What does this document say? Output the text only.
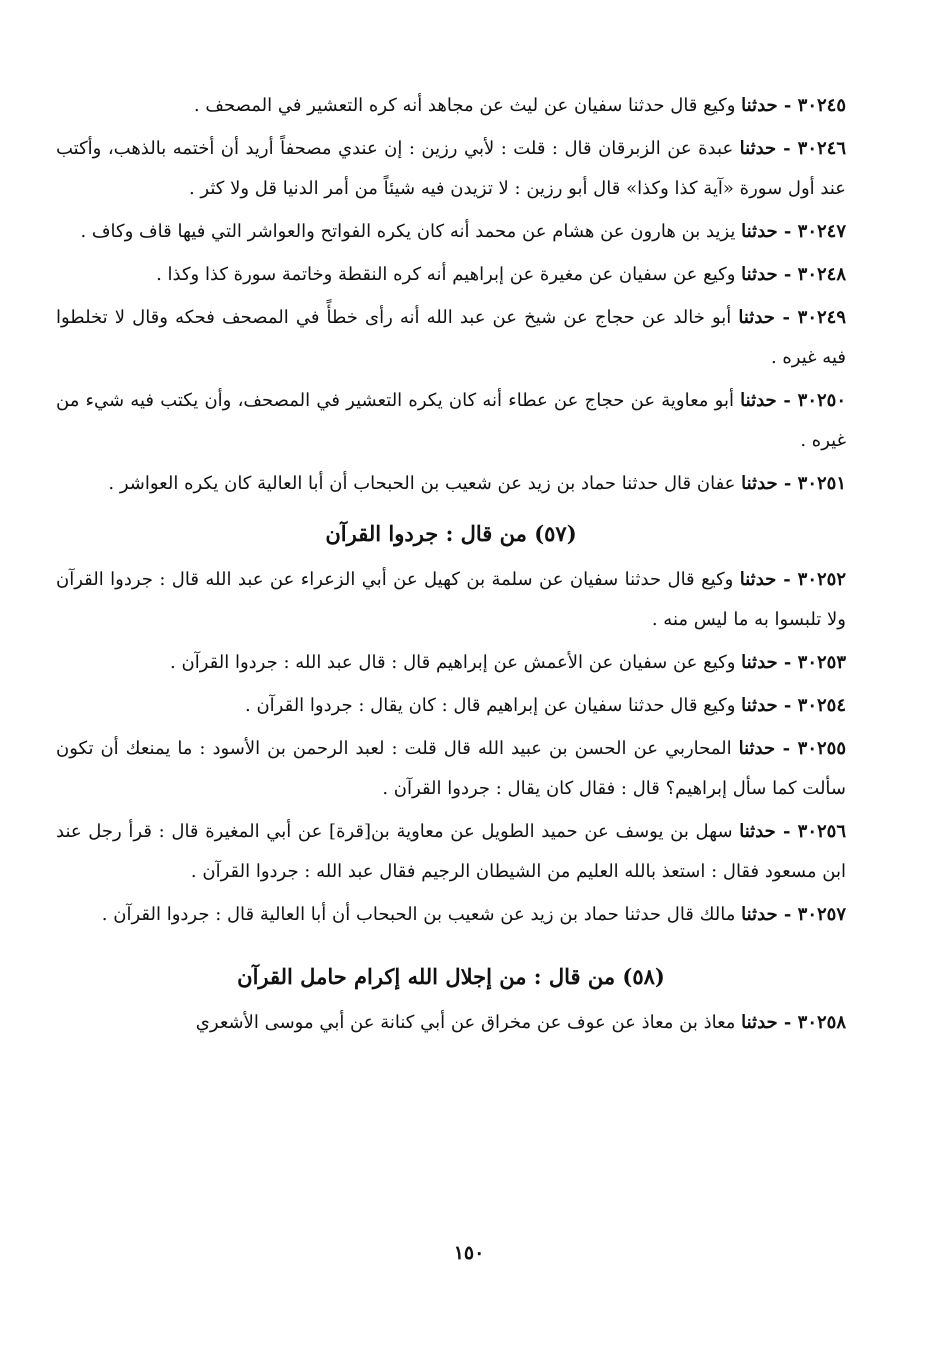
٣٠٢٤٥ - حدثنا وكيع قال حدثنا سفيان عن ليث عن مجاهد أنه كره التعشير في المصحف .

٣٠٢٤٦ - حدثنا عبدة عن الزبرقان قال : قلت : لأبي رزين : إن عندي مصحفاً أريد أن أختمه بالذهب، وأكتب عند أول سورة «آية كذا وكذا» قال أبو رزين : لا تزيدن فيه شيئاً من أمر الدنيا قل ولا كثر .

٣٠٢٤٧ - حدثنا يزيد بن هارون عن هشام عن محمد أنه كان يكره الفواتح والعواشر التي فيها قاف وكاف .

٣٠٢٤٨ - حدثنا وكيع عن سفيان عن مغيرة عن إبراهيم أنه كره النقطة وخاتمة سورة كذا وكذا .

٣٠٢٤٩ - حدثنا أبو خالد عن حجاج عن شيخ عن عبد الله أنه رأى خطأً في المصحف فحكه وقال لا تخلطوا فيه غيره .

٣٠٢٥٠ - حدثنا أبو معاوية عن حجاج عن عطاء أنه كان يكره التعشير في المصحف، وأن يكتب فيه شيء من غيره .

٣٠٢٥١ - حدثنا عفان قال حدثنا حماد بن زيد عن شعيب بن الحبحاب أن أبا العالية كان يكره العواشر .

(٥٧) من قال : جردوا القرآن

٣٠٢٥٢ - حدثنا وكيع قال حدثنا سفيان عن سلمة بن كهيل عن أبي الزعراء عن عبد الله قال : جردوا القرآن ولا تلبسوا به ما ليس منه .

٣٠٢٥٣ - حدثنا وكيع عن سفيان عن الأعمش عن إبراهيم قال : قال عبد الله : جردوا القرآن .

٣٠٢٥٤ - حدثنا وكيع قال حدثنا سفيان عن إبراهيم قال : كان يقال : جردوا القرآن .

٣٠٢٥٥ - حدثنا المحاربي عن الحسن بن عبيد الله قال قلت : لعبد الرحمن بن الأسود : ما يمنعك أن تكون سألت كما سأل إبراهيم؟ قال : فقال كان يقال : جردوا القرآن .

٣٠٢٥٦ - حدثنا سهل بن يوسف عن حميد الطويل عن معاوية بن[قرة] عن أبي المغيرة قال : قرأ رجل عند ابن مسعود فقال : استعذ بالله العليم من الشيطان الرجيم فقال عبد الله : جردوا القرآن .

٣٠٢٥٧ - حدثنا مالك قال حدثنا حماد بن زيد عن شعيب بن الحبحاب أن أبا العالية قال : جردوا القرآن .

(٥٨) من قال : من إجلال الله إكرام حامل القرآن

٣٠٢٥٨ - حدثنا معاذ بن معاذ عن عوف عن مخراق عن أبي كنانة عن أبي موسى الأشعري

١٥٠
